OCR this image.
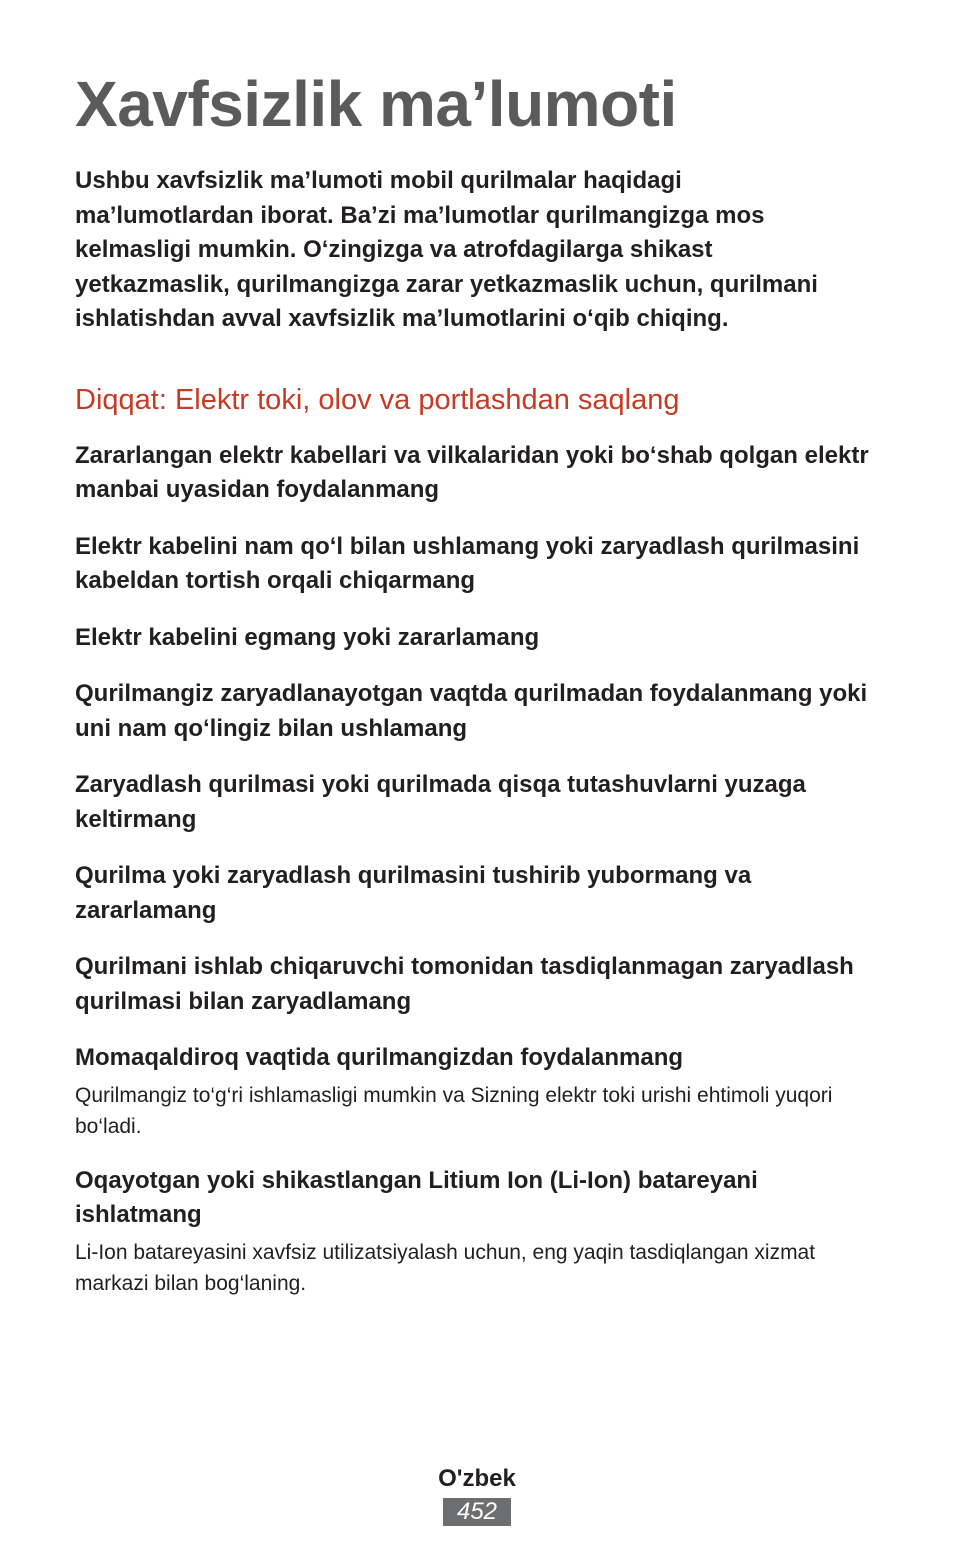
Xavfsizlik ma’lumoti

Ushbu xavfsizlik ma’lumoti mobil qurilmalar haqidagi ma’lumotlardan iborat. Ba’zi ma’lumotlar qurilmangizga mos kelmasligi mumkin. O‘zingizga va atrofdagilarga shikast yetkazmaslik, qurilmangizga zarar yetkazmaslik uchun, qurilmani ishlatishdan avval xavfsizlik ma’lumotlarini o‘qib chiqing.

Diqqat: Elektr toki, olov va portlashdan saqlang

Zararlangan elektr kabellari va vilkalaridan yoki bo‘shab qolgan elektr manbai uyasidan foydalanmang

Elektr kabelini nam qo‘l bilan ushlamang yoki zaryadlash qurilmasini kabeldan tortish orqali chiqarmang

Elektr kabelini egmang yoki zararlamang

Qurilmangiz zaryadlanayotgan vaqtda qurilmadan foydalanmang yoki uni nam qo‘lingiz bilan ushlamang

Zaryadlash qurilmasi yoki qurilmada qisqa tutashuvlarni yuzaga keltirmang

Qurilma yoki zaryadlash qurilmasini tushirib yubormang va zararlamang

Qurilmani ishlab chiqaruvchi tomonidan tasdiqlanmagan zaryadlash qurilmasi bilan zaryadlamang

Momaqaldiroq vaqtida qurilmangizdan foydalanmang

Qurilmangiz to‘g‘ri ishlamasligi mumkin va Sizning elektr toki urishi ehtimoli yuqori bo‘ladi.

Oqayotgan yoki shikastlangan Litium Ion (Li-Ion) batareyani ishlatmang

Li-Ion batareyasini xavfsiz utilizatsiyalash uchun, eng yaqin tasdiqlangan xizmat markazi bilan bog‘laning.

O'zbek
452
